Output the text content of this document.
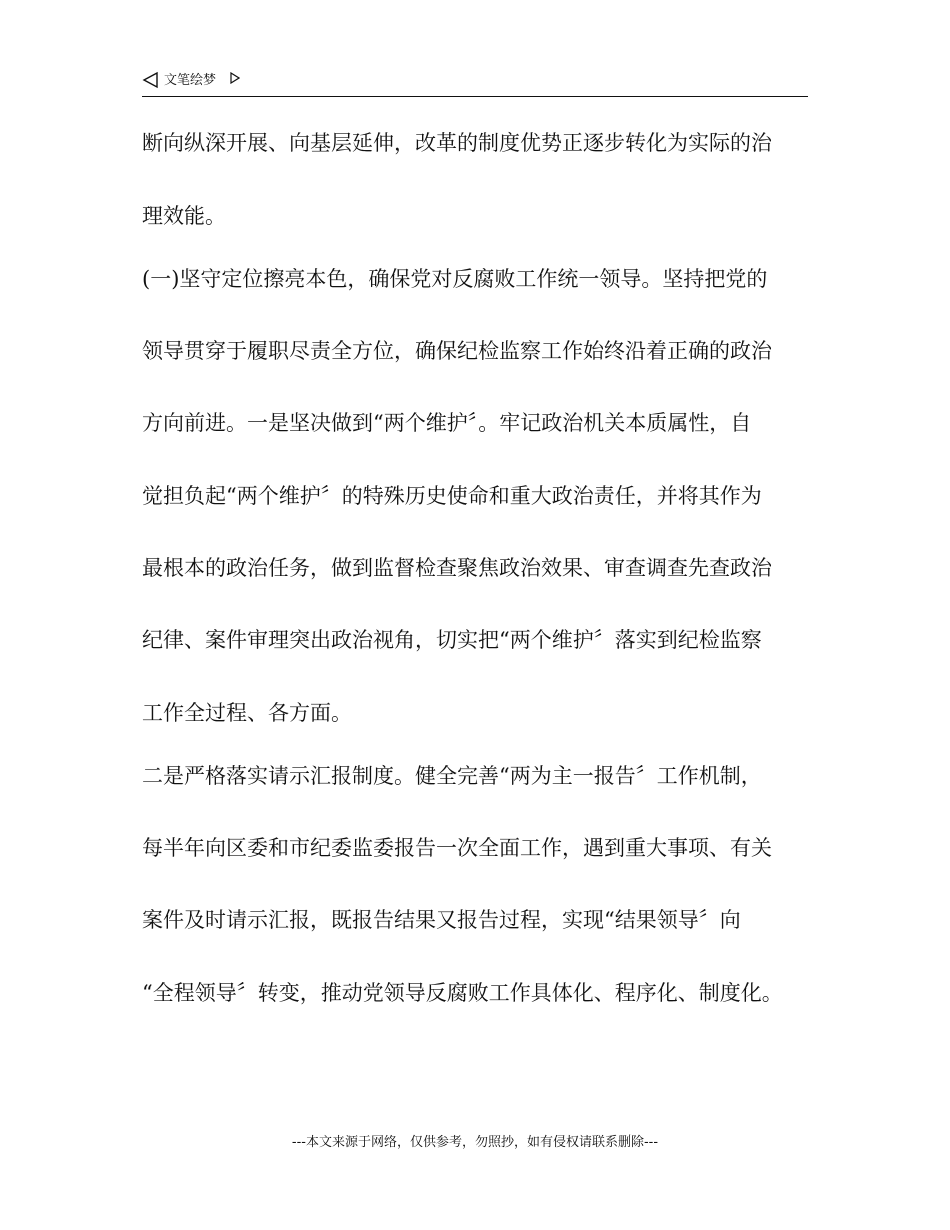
文笔绘梦
断向纵深开展、向基层延伸，改革的制度优势正逐步转化为实际的治
理效能。
(一)坚守定位擦亮本色，确保党对反腐败工作统一领导。坚持把党的
领导贯穿于履职尽责全方位，确保纪检监察工作始终沿着正确的政治
方向前进。一是坚决做到“两个维护〞。牢记政治机关本质属性，自
觉担负起“两个维护〞的特殊历史使命和重大政治责任，并将其作为
最根本的政治任务，做到监督检查聚焦政治效果、审查调查先查政治
纪律、案件审理突出政治视角，切实把“两个维护〞落实到纪检监察
工作全过程、各方面。
二是严格落实请示汇报制度。健全完善“两为主一报告〞工作机制，
每半年向区委和市纪委监委报告一次全面工作，遇到重大事项、有关
案件及时请示汇报，既报告结果又报告过程，实现“结果领导〞向
“全程领导〞转变，推动党领导反腐败工作具体化、程序化、制度化。
---本文来源于网络，仅供参考，勿照抄，如有侵权请联系删除---
